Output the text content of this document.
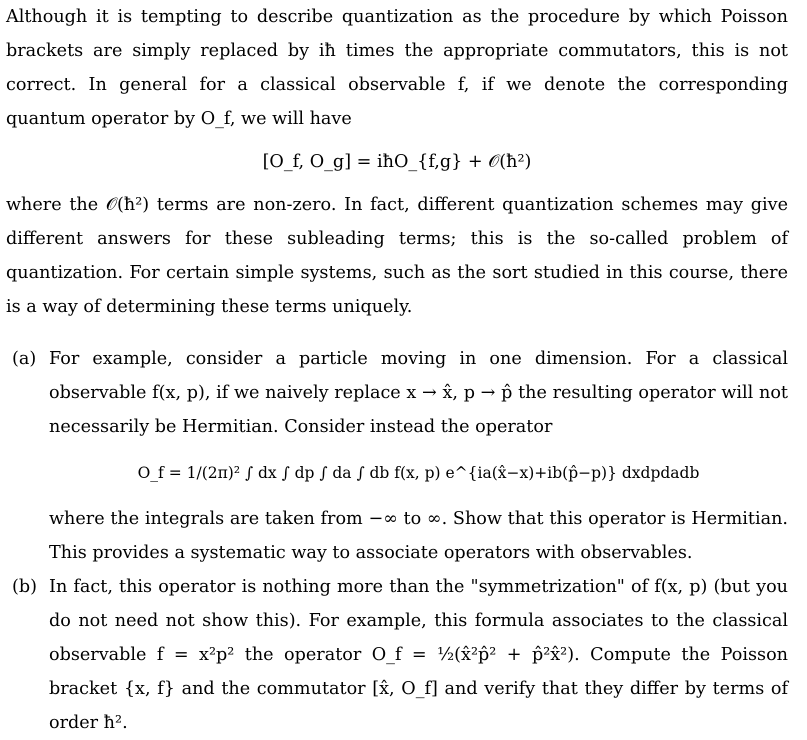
Although it is tempting to describe quantization as the procedure by which Poisson brackets are simply replaced by iħ times the appropriate commutators, this is not correct. In general for a classical observable f, if we denote the corresponding quantum operator by O_f, we will have

[O_f, O_g] = iħO_{f,g} + 𝒪(ħ²)

where the 𝒪(ħ²) terms are non-zero. In fact, different quantization schemes may give different answers for these subleading terms; this is the so-called problem of quantization. For certain simple systems, such as the sort studied in this course, there is a way of determining these terms uniquely.

(a) For example, consider a particle moving in one dimension. For a classical observable f(x, p), if we naively replace x → x̂, p → p̂ the resulting operator will not necessarily be Hermitian. Consider instead the operator

O_f = 1/(2π)² ∫ dx ∫ dp ∫ da ∫ db f(x, p) e^{ia(x̂−x)+ib(p̂−p)} dxdpdadb

where the integrals are taken from −∞ to ∞. Show that this operator is Hermitian. This provides a systematic way to associate operators with observables.

(b) In fact, this operator is nothing more than the "symmetrization" of f(x, p) (but you do not need not show this). For example, this formula associates to the classical observable f = x²p² the operator O_f = ½(x̂²p̂² + p̂²x̂²). Compute the Poisson bracket {x, f} and the commutator [x̂, O_f] and verify that they differ by terms of order ħ².
